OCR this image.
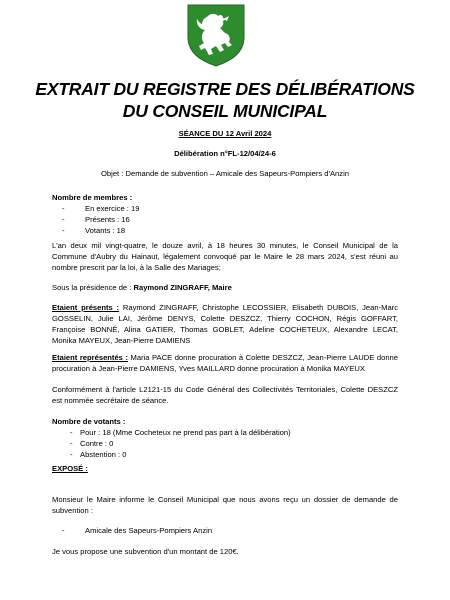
EXTRAIT DU REGISTRE DES DÉLIBÉRATIONS
DU CONSEIL MUNICIPAL
SÉANCE DU 12 Avril 2024
Délibération n°FL-12/04/24-6
Objet : Demande de subvention – Amicale des Sapeurs-Pompiers d'Anzin
Nombre de membres :
-	En exercice : 19
-	Présents : 16
-	Votants : 18
L'an deux mil vingt-quatre, le douze avril, à 18 heures 30 minutes, le Conseil Municipal de la Commune d'Aubry du Hainaut, légalement convoqué par le Maire le 28 mars 2024, s'est réuni au nombre prescrit par la loi, à la Salle des Mariages;
Sous la présidence de : Raymond ZINGRAFF, Maire
Etaient présents : Raymond ZINGRAFF, Christophe LECOSSIER, Elisabeth DUBOIS, Jean-Marc GOSSELIN, Julie LAI, Jérôme DENYS, Colette DESZCZ, Thierry COCHON, Régis GOFFART, Françoise BONNÉ, Alina GATIER, Thomas GOBLET, Adeline COCHETEUX, Alexandre LECAT, Monika MAYEUX, Jean-Pierre DAMIENS
Etaient représentés : Maria PACE donne procuration à Colette DESZCZ, Jean-Pierre LAUDE donne procuration à Jean-Pierre DAMIENS, Yves MAILLARD donne procuration à Monika MAYEUX
Conformément à l'article L2121-15 du Code Général des Collectivités Territoriales, Colette DESZCZ est nommée secrétaire de séance.
Nombre de votants :
- Pour : 18 (Mme Cocheteux ne prend pas part à la délibération)
- Contre : 0
- Abstention : 0
EXPOSÉ :
Monsieur le Maire informe le Conseil Municipal que nous avons reçu un dossier de demande de subvention :
-	Amicale des Sapeurs-Pompiers Anzin
Je vous propose une subvention d'un montant de 120€.
